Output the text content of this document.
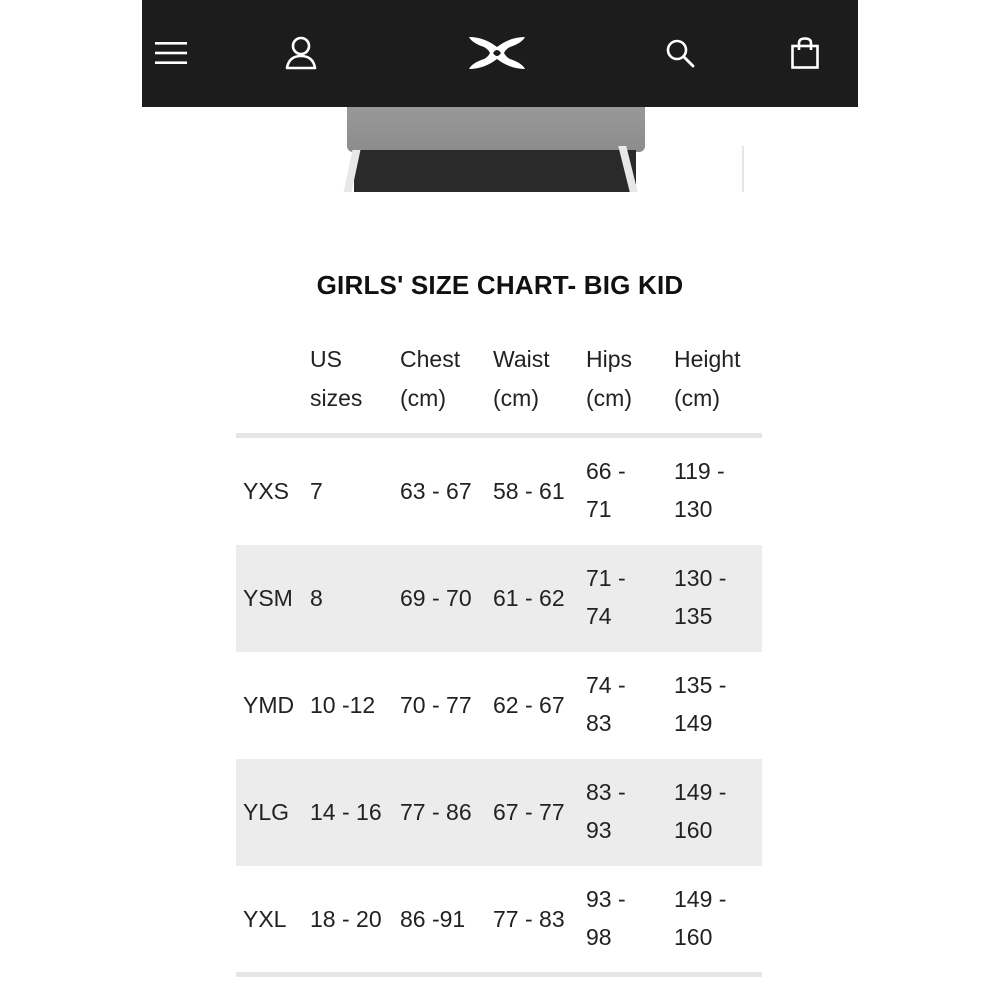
GIRLS' SIZE CHART- BIG KID
US
sizes
Chest
(cm)
Waist
(cm)
Hips
(cm)
Height
(cm)
YXS 7	63 - 67 58 - 61
66 -
71
119 -
130
YSM 8	69 - 70 61 - 62
71 -
74
130 -
135
YMD 10 -12 70 - 77 62 - 67
74 -
83
135 -
149
YLG 14 - 16 77 - 86 67 - 77
83 -
93
149 -
160
YXL 18 - 20 86 -91 77 - 83
93 -
98
149 -
160
